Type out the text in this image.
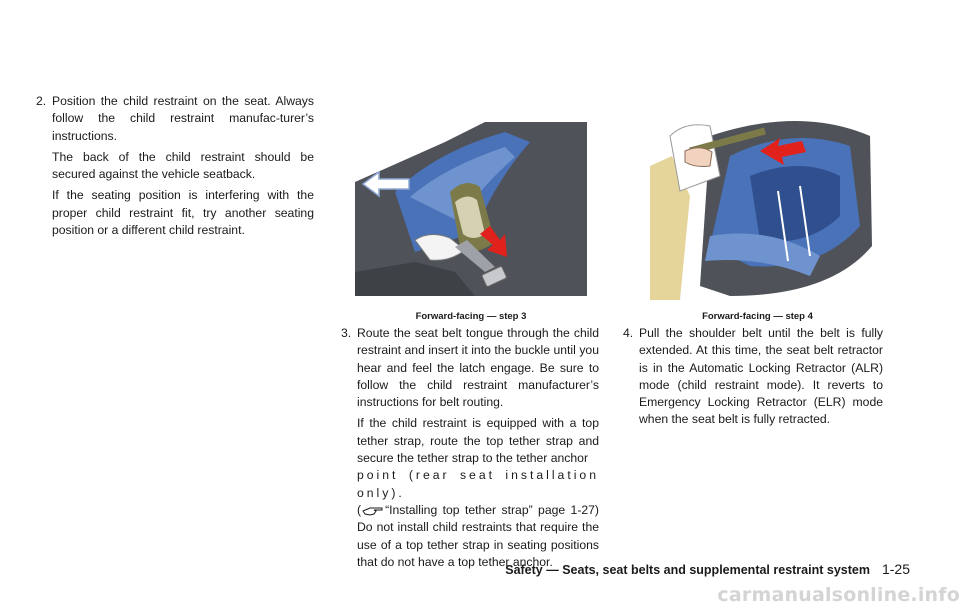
2. Position the child restraint on the seat. Always follow the child restraint manufac-turer’s instructions.

The back of the child restraint should be secured against the vehicle seatback.

If the seating position is interfering with the proper child restraint fit, try another seating position or a different child restraint.

Forward-facing — step 3	Forward-facing — step 4
3. Route the seat belt tongue through the child restraint and insert it into the buckle until you hear and feel the latch engage. Be sure to follow the child restraint manufacturer’s instructions for belt routing.

If the child restraint is equipped with a top tether strap, route the top tether strap and secure the tether strap to the tether anchor

point (rear seat installation only).

( “Installing top tether strap” page 1-27) Do not install child restraints that require the use of a top tether strap in seating positions that do not have a top tether anchor.

4. Pull the shoulder belt until the belt is fully extended. At this time, the seat belt retractor is in the Automatic Locking Retractor (ALR) mode (child restraint mode). It reverts to Emergency Locking Retractor (ELR) mode when the seat belt is fully retracted.

Safety — Seats, seat belts and supplemental restraint system 1-25
carmanualsonline.info
